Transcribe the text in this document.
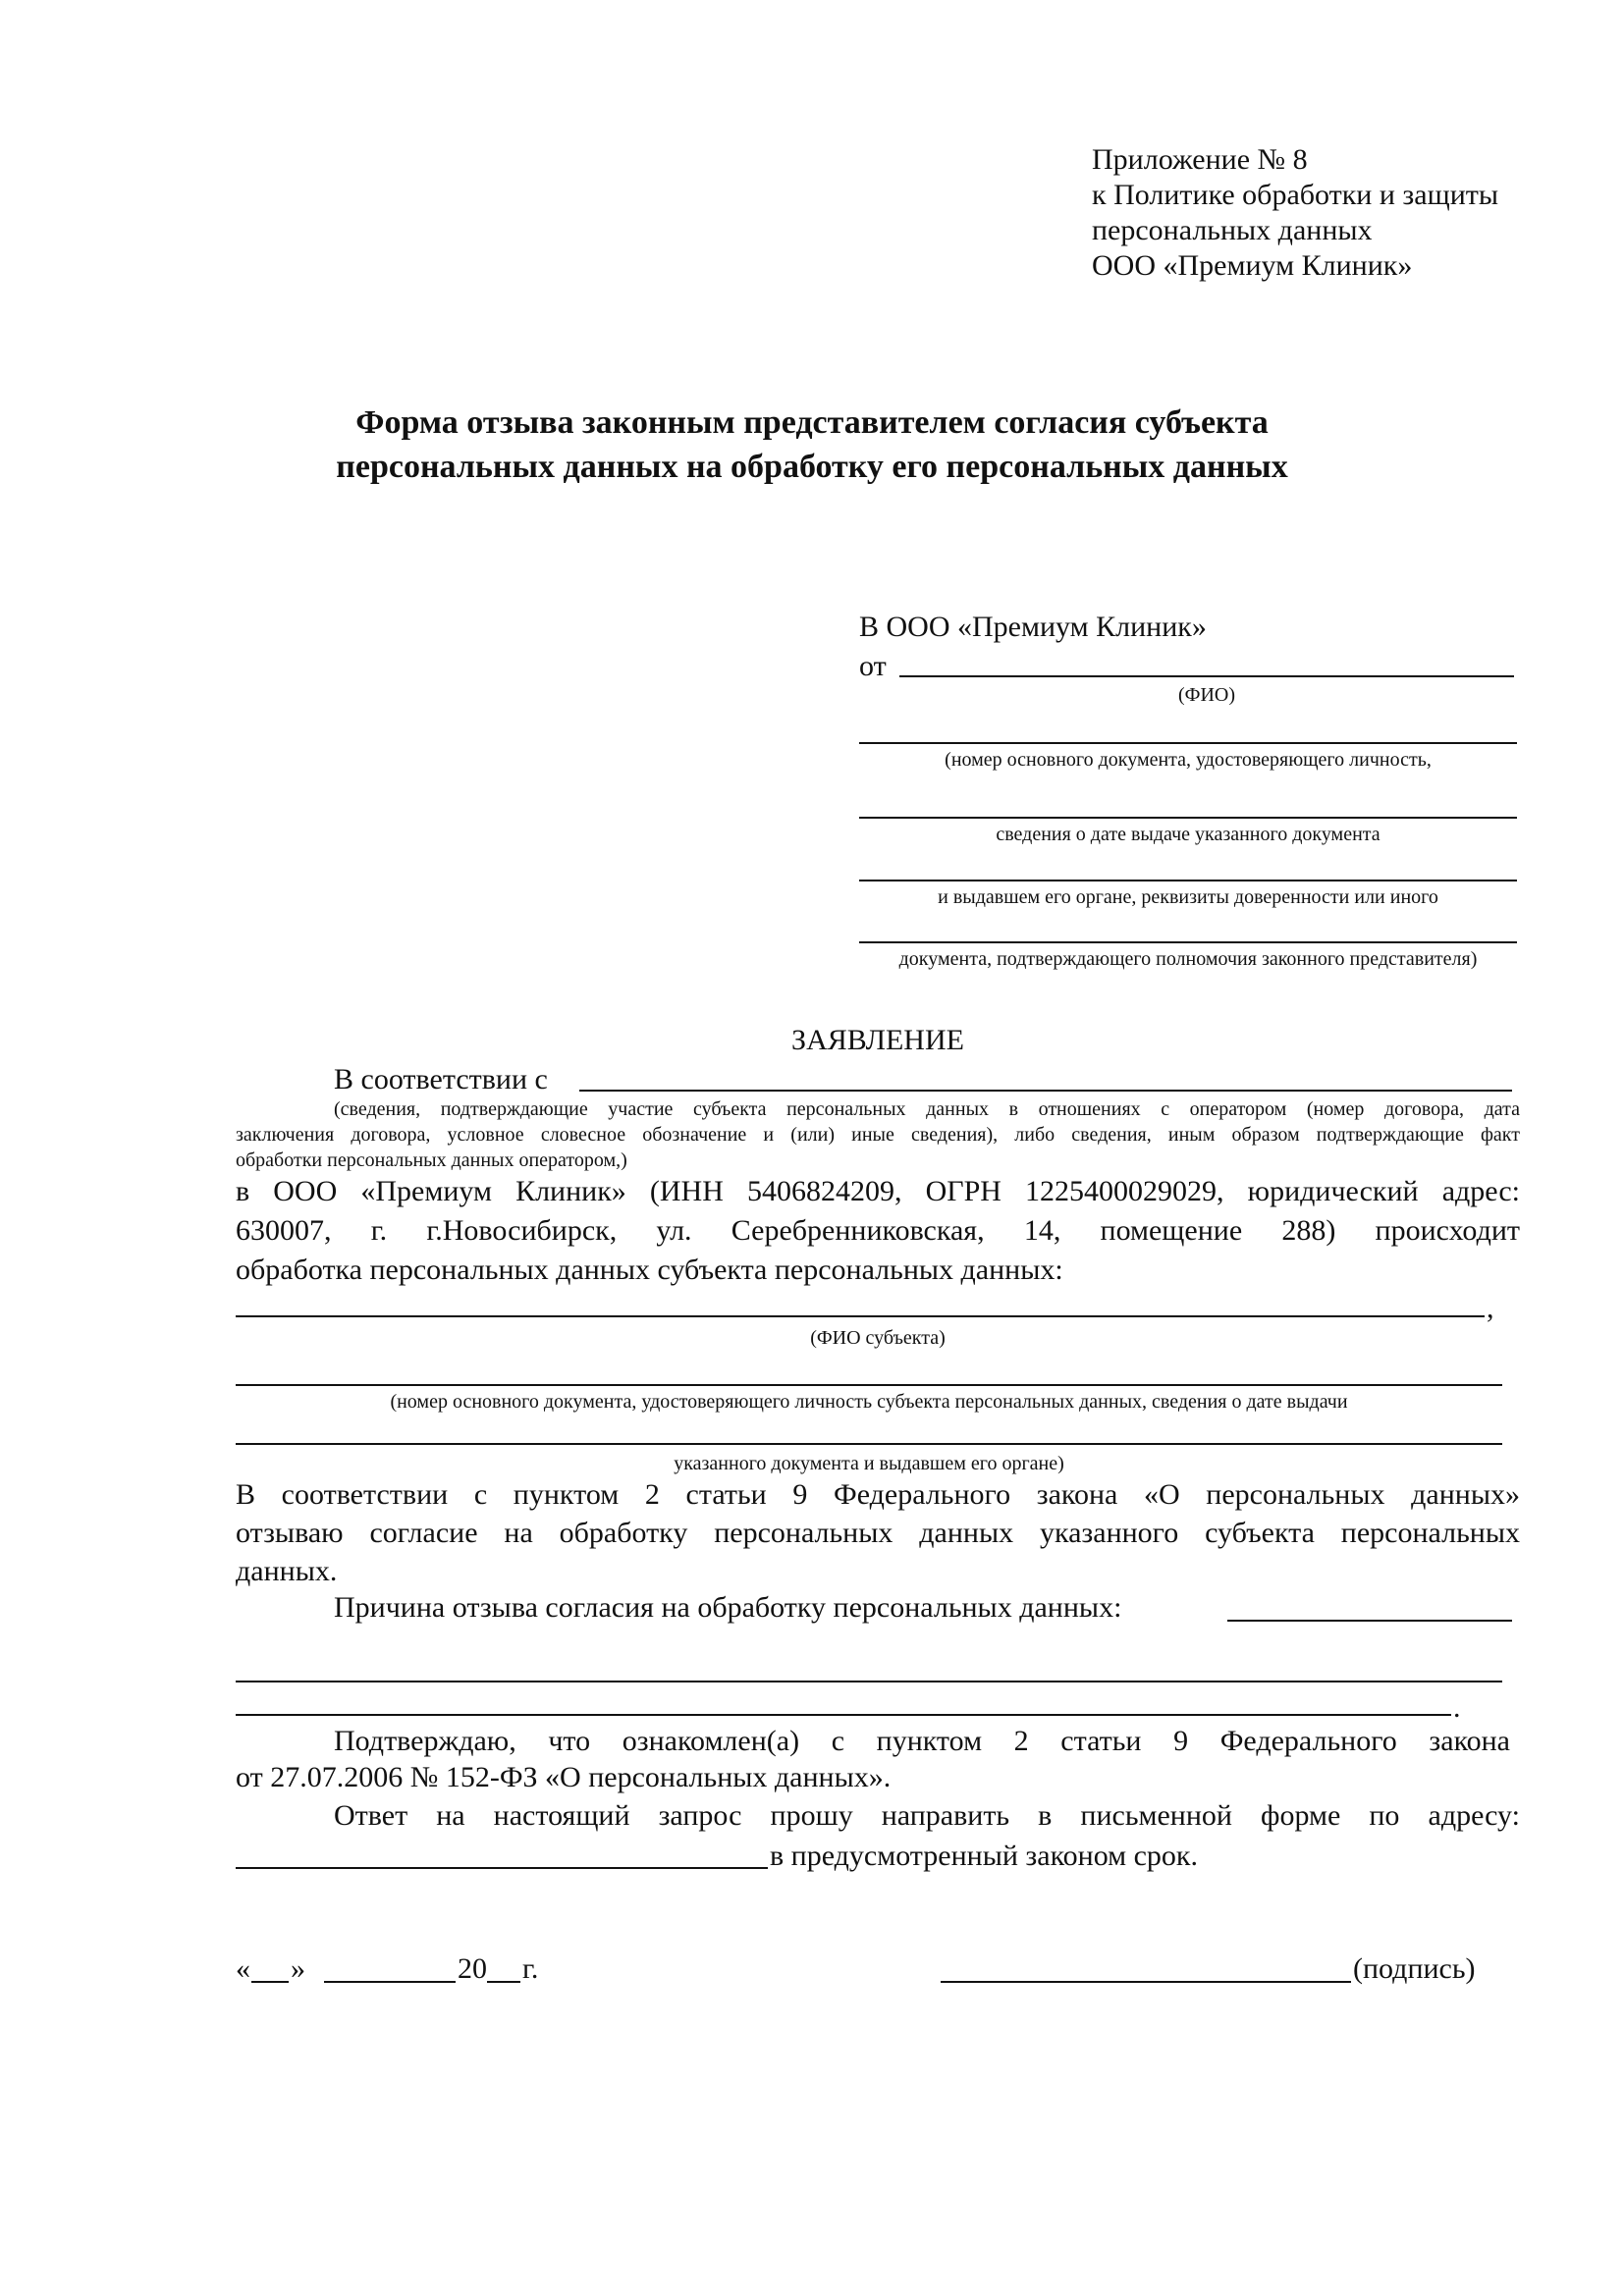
Приложение № 8
к Политике обработки и защиты
персональных данных
ООО «Премиум Клиник»
Форма отзыва законным представителем согласия субъекта
персональных данных на обработку его персональных данных
В ООО «Премиум Клиник»
от
(ФИО)
(номер основного документа, удостоверяющего личность,
сведения о дате выдаче указанного документа
и выдавшем его органе, реквизиты доверенности или иного
документа, подтверждающего полномочия законного представителя)
ЗАЯВЛЕНИЕ
В соответствии с
(сведения, подтверждающие участие субъекта персональных данных в отношениях с оператором (номер договора, дата
заключения договора, условное словесное обозначение и (или) иные сведения), либо сведения, иным образом подтверждающие факт
обработки персональных данных оператором,)
в ООО «Премиум Клиник» (ИНН 5406824209, ОГРН 1225400029029, юридический адрес:
630007, г. г.Новосибирск, ул. Серебренниковская, 14, помещение 288) происходит
обработка персональных данных субъекта персональных данных:
,
(ФИО субъекта)
(номер основного документа, удостоверяющего личность субъекта персональных данных, сведения о дате выдачи
указанного документа и выдавшем его органе)
В соответствии с пунктом 2 статьи 9 Федерального закона «О персональных данных»
отзываю согласие на обработку персональных данных указанного субъекта персональных
данных.
Причина отзыва согласия на обработку персональных данных:
.
Подтверждаю, что ознакомлен(а) с пунктом 2 статьи 9 Федерального закона
от 27.07.2006 № 152-ФЗ «О персональных данных».
Ответ на настоящий запрос прошу направить в письменной форме по адресу:
в предусмотренный законом срок.
« »	20 г.	(подпись)
